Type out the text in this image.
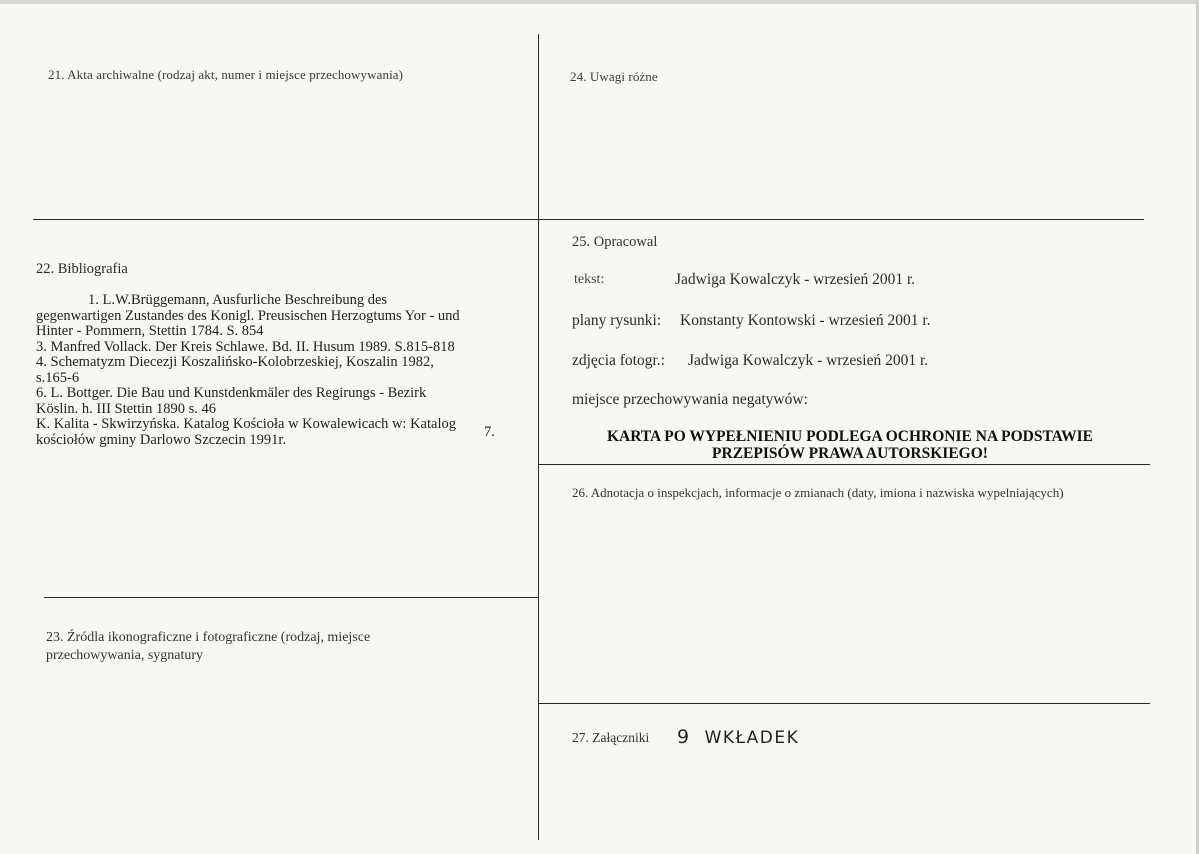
21. Akta archiwalne (rodzaj akt, numer i miejsce przechowywania)
22. Bibliografia
1. L.W.Brüggemann, Ausfurliche Beschreibung des
gegenwartigen Zustandes des Konigl. Preusischen Herzogtums Yor - und
Hinter - Pommern, Stettin 1784. S. 854
3. Manfred Vollack. Der Kreis Schlawe. Bd. II. Husum 1989. S.815-818
4. Schematyzm Diecezji Koszalińsko-Kolobrzeskiej, Koszalin 1982,
s.165-6
6. L. Bottger. Die Bau und Kunstdenkmäler des Regirungs - Bezirk
Köslin. h. III Stettin 1890 s. 46
K. Kalita - Skwirzyńska. Katalog Kościoła w Kowalewicach w: Katalog
kościołów gminy Darlowo Szczecin 1991r.	7.
23. Źródla ikonograficzne i fotograficzne (rodzaj, miejsce
przechowywania, sygnatury
24. Uwagi różne
25. Opracowal
tekst:	Jadwiga Kowalczyk - wrzesień 2001 r.
plany rysunki: Konstanty Kontowski - wrzesień 2001 r.
zdjęcia fotogr.: Jadwiga Kowalczyk - wrzesień 2001 r.
miejsce przechowywania negatywów:
KARTA PO WYPEŁNIENIU PODLEGA OCHRONIE NA PODSTAWIE
PRZEPISÓW PRAWA AUTORSKIEGO!
26. Adnotacja o inspekcjach, informacje o zmianach (daty, imiona i nazwiska wypelniających)
27. Załączniki 9 WKŁADEK
